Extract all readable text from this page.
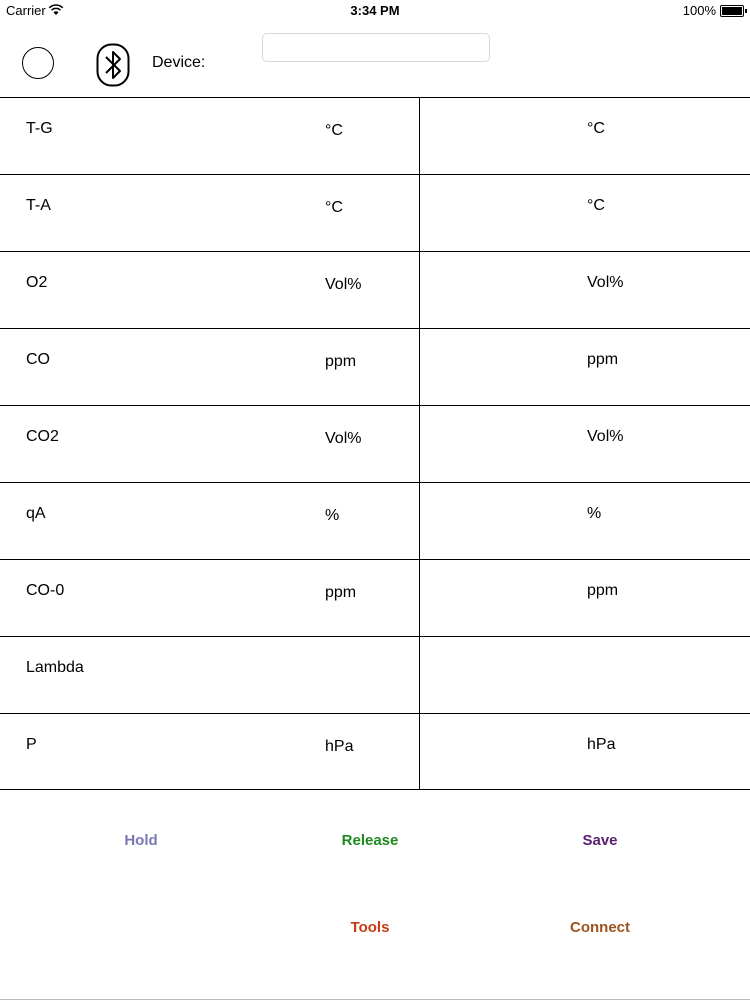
Carrier	3:34 PM	100%
Device:
T-G	°C	°C
T-A	°C	°C
O2	Vol%	Vol%
CO	ppm	ppm
CO2	Vol%	Vol%
qA	%	%
CO-0	ppm	ppm
Lambda
P	hPa	hPa
Hold	Release	Save
Tools	Connect
